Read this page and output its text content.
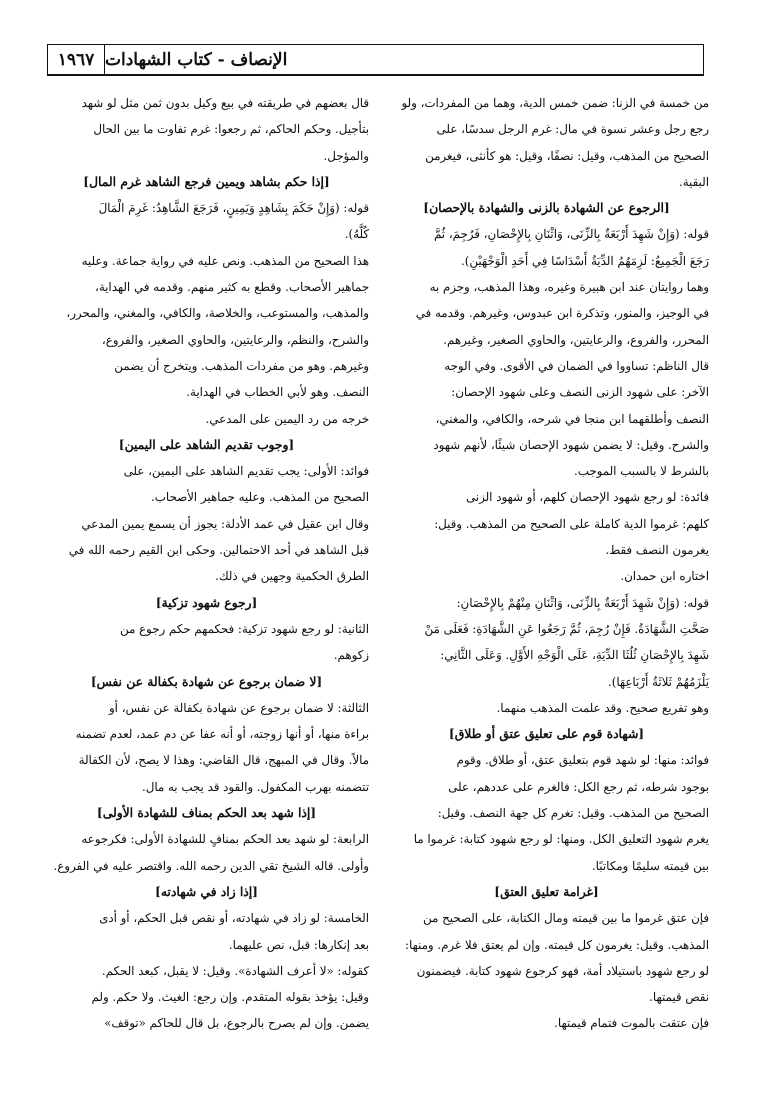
١٩٦٧ الإنصاف - كتاب الشهادات

من خمسة في الزنا: ضمن خمس الدية، وهما من المفردات، ولو

رجع رجل وعشر نسوة في مال: غرم الرجل سدسًا، على

الصحيح من المذهب، وقيل: نصفًا، وقيل: هو كأنثى، فيغرمن

البقية.

[الرجوع عن الشهادة بالزنى والشهادة بالإحصان]

قوله: (وَإِنْ شَهِدَ أَرْبَعَةٌ بِالزِّنَى، وَاثْنَانِ بِالإِحْصَانِ، فَرُجِمَ، ثُمَّ

رَجَعَ الْجَمِيعُ: لَزِمَهُمُ الدِّيَةُ أَسْدَاسًا فِي أَحَدِ الْوَجْهَيْنِ).

وهما روايتان عند ابن هبيرة وغيره، وهذا المذهب، وجزم به

في الوجيز، والمنور، وتذكرة ابن عبدوس، وغيرهم. وقدمه في

المحرر، والفروع، والرعايتين، والحاوي الصغير، وغيرهم.

قال الناظم: تساووا في الضمان في الأقوى. وفي الوجه

الآخر: على شهود الزنى النصف وعلى شهود الإحصان:

النصف وأطلقهما ابن منجا في شرحه، والكافي، والمغني،

والشرح. وقيل: لا يضمن شهود الإحصان شيئًا، لأنهم شهود

بالشرط لا بالسبب الموجب.

فائدة: لو رجع شهود الإحصان كلهم، أو شهود الزنى

كلهم: غرموا الدية كاملة على الصحيح من المذهب. وقيل:

يغرمون النصف فقط.

اختاره ابن حمدان.

قوله: (وَإِنْ شَهِدَ أَرْبَعَةٌ بِالزِّنَى، وَاثْنَانِ مِنْهُمْ بِالإِحْصَانِ:

صَحَّتِ الشَّهَادَةُ. فَإِنْ رُجِمَ، ثُمَّ رَجَعُوا عَنِ الشَّهَادَةِ: فَعَلَى مَنْ

شَهِدَ بِالإِحْصَانِ ثُلُثَا الدِّيَةِ، عَلَى الْوَجْهِ الأَوَّلِ. وَعَلَى الثَّانِي:

يَلْزَمُهُمْ ثَلاثَةُ أَرْبَاعِهَا).

وهو تفريع صحيح. وقد علمت المذهب منهما.

[شهادة قوم على تعليق عتق أو طلاق]

فوائد: منها: لو شهد قوم بتعليق عتق، أو طلاق. وقوم

بوجود شرطه، ثم رجع الكل: فالغرم على عددهم، على

الصحيح من المذهب. وقيل: تغرم كل جهة النصف. وقيل:

يغرم شهود التعليق الكل. ومنها: لو رجع شهود كتابة: غرموا ما

بين قيمته سليمًا ومكاتبًا.

[غرامة تعليق العتق]

فإن عتق غرموا ما بين قيمته ومال الكتابة، على الصحيح من

المذهب. وقيل: يغرمون كل قيمته. وإن لم يعتق فلا غرم. ومنها:

لو رجع شهود باستيلاد أمة، فهو كرجوع شهود كتابة. فيضمنون

نقص قيمتها.

فإن عتقت بالموت فتمام قيمتها.

قال بعضهم في طريقته في بيع وكيل بدون ثمن مثل لو شهد

بتأجيل. وحكم الحاكم، ثم رجعوا: غرم تفاوت ما بين الحال

والمؤجل.

[إذا حكم بشاهد ويمين فرجع الشاهد غرم المال]

قوله: (وَإِنْ حَكَمَ بِشَاهِدٍ وَيَمِينٍ، فَرَجَعَ الشَّاهِدُ: غَرِمَ الْمَالَ

كُلَّهُ).

هذا الصحيح من المذهب. ونص عليه في رواية جماعة. وعليه

جماهير الأصحاب. وقطع به كثير منهم. وقدمه في الهداية،

والمذهب، والمستوعب، والخلاصة، والكافي، والمغني، والمحرر،

والشرح، والنظم، والرعايتين، والحاوي الصغير، والفروع،

وغيرهم. وهو من مفردات المذهب. ويتخرج أن يضمن

النصف. وهو لأبي الخطاب في الهداية.

خرجه من رد اليمين على المدعي.

[وجوب تقديم الشاهد على اليمين]

فوائد: الأولى: يجب تقديم الشاهد على اليمين، على

الصحيح من المذهب. وعليه جماهير الأصحاب.

وقال ابن عقيل في عمد الأدلة: يجوز أن يسمع يمين المدعي

قبل الشاهد في أحد الاحتمالين. وحكى ابن القيم رحمه الله في

الطرق الحكمية وجهين في ذلك.

[رجوع شهود تزكية]

الثانية: لو رجع شهود تزكية: فحكمهم حكم رجوع من

زكوهم.

[لا ضمان برجوع عن شهادة بكفالة عن نفس]

الثالثة: لا ضمان برجوع عن شهادة بكفالة عن نفس، أو

براءة منها، أو أنها زوجته، أو أنه عفا عن دم عمد، لعدم تضمنه

مالاً. وقال في المبهج، قال القاضي: وهذا لا يصح، لأن الكفالة

تتضمنه بهرب المكفول. والقود قد يجب به مال.

[إذا شهد بعد الحكم بمناف للشهادة الأولى]

الرابعة: لو شهد بعد الحكم بمنافٍ للشهادة الأولى: فكرجوعه

وأولى. قاله الشيخ تقي الدين رحمه الله. واقتصر عليه في الفروع.

[إذا زاد في شهادته]

الخامسة: لو زاد في شهادته، أو نقص قبل الحكم، أو أدى

بعد إنكارها: قبل، نص عليهما.

كقوله: «لا أعرف الشهادة». وقيل: لا يقبل، كبعد الحكم.

وقيل: يؤخذ بقوله المتقدم. وإن رجع: الغيث. ولا حكم. ولم

يضمن. وإن لم يصرح بالرجوع، بل قال للحاكم «توقف»
